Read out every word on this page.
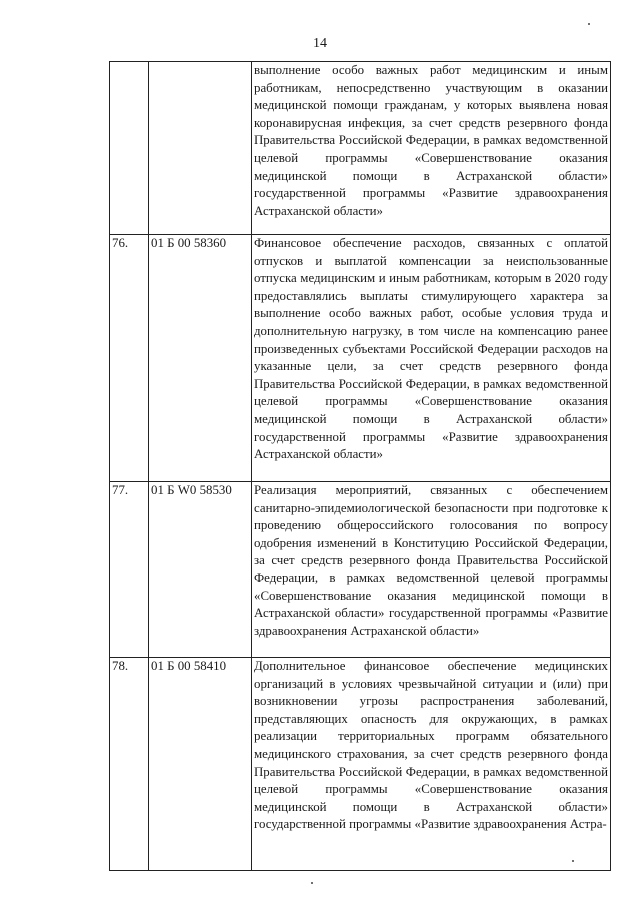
14
		выполнение особо важных работ медицинским и иным работникам, непосредственно участвующим в оказании медицинской помощи гражданам, у которых выявлена новая коронавирусная инфекция, за счет средств резервного фонда Правительства Российской Федерации, в рамках ведомственной целевой программы «Совершенствование оказания медицинской помощи в Астраханской области» государственной программы «Развитие здравоохранения Астраханской области»
76.	01 Б 00 58360	Финансовое обеспечение расходов, связанных с оплатой отпусков и выплатой компенсации за неиспользованные отпуска медицинским и иным работникам, которым в 2020 году предоставлялись выплаты стимулирующего характера за выполнение особо важных работ, особые условия труда и дополнительную нагрузку, в том числе на компенсацию ранее произведенных субъектами Российской Федерации расходов на указанные цели, за счет средств резервного фонда Правительства Российской Федерации, в рамках ведомственной целевой программы «Совершенствование оказания медицинской помощи в Астраханской области» государственной программы «Развитие здравоохранения Астраханской области»
77.	01 Б W0 58530	Реализация мероприятий, связанных с обеспечением санитарно-эпидемиологической безопасности при подготовке к проведению общероссийского голосования по вопросу одобрения изменений в Конституцию Российской Федерации, за счет средств резервного фонда Правительства Российской Федерации, в рамках ведомственной целевой программы «Совершенствование оказания медицинской помощи в Астраханской области» государственной программы «Развитие здравоохранения Астраханской области»
78.	01 Б 00 58410	Дополнительное финансовое обеспечение медицинских организаций в условиях чрезвычайной ситуации и (или) при возникновении угрозы распространения заболеваний, представляющих опасность для окружающих, в рамках реализации территориальных программ обязательного медицинского страхования, за счет средств резервного фонда Правительства Российской Федерации, в рамках ведомственной целевой программы «Совершенствование оказания медицинской помощи в Астраханской области» государственной программы «Развитие здравоохранения Астра-
